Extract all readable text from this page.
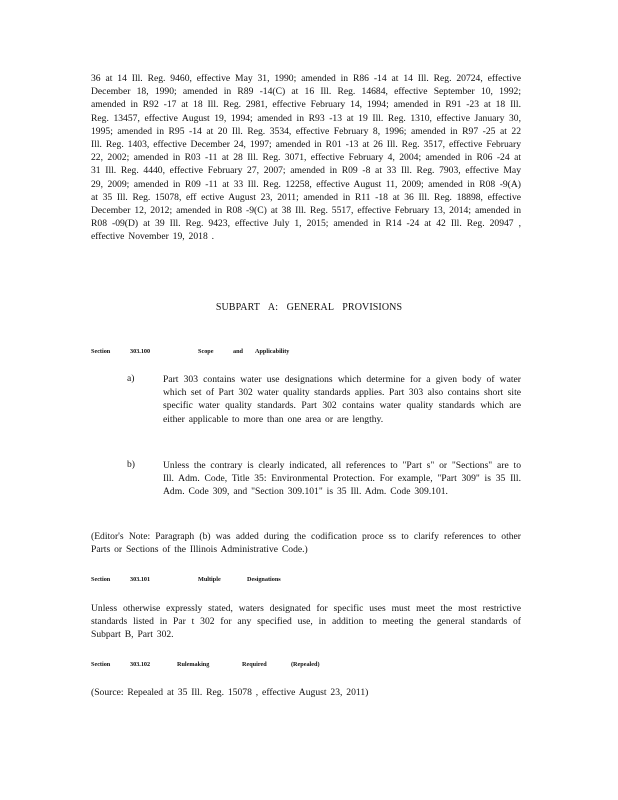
36 at 14 Ill. Reg. 9460, effective May 31, 1990; amended in R86 -14 at 14 Ill. Reg. 20724, effective December 18, 1990; amended in R89 -14(C) at 16 Ill. Reg. 14684, effective September 10, 1992; amended in R92 -17 at 18 Ill. Reg. 2981, effective February 14, 1994; amended in R91 -23 at 18 Ill. Reg. 13457, effective August 19, 1994; amended in R93 -13 at 19 Ill. Reg. 1310, effective January 30, 1995; amended in R95 -14 at 20 Ill. Reg. 3534, effective February 8, 1996; amended in R97 -25 at 22 Ill. Reg. 1403, effective December 24, 1997; amended in R01 -13 at 26 Ill. Reg. 3517, effective February 22, 2002; amended in R03 -11 at 28 Ill. Reg. 3071, effective February 4, 2004; amended in R06 -24 at 31 Ill. Reg. 4440, effective February 27, 2007; amended in R09 -8 at 33 Ill. Reg. 7903, effective May 29, 2009; amended in R09 -11 at 33 Ill. Reg. 12258, effective August 11, 2009; amended in R08 -9(A) at 35 Ill. Reg. 15078, eff ective August 23, 2011; amended in R11 -18 at 36 Ill. Reg. 18898, effective December 12, 2012; amended in R08 -9(C) at 38 Ill. Reg. 5517, effective February 13, 2014; amended in R08 -09(D) at 39 Ill. Reg. 9423, effective July 1, 2015; amended in R14 -24 at 42 Ill. Reg. 20947 , effective November 19, 2018 .

SUBPART A: GENERAL PROVISIONS
Section	303.100	Scope	and Applicability
a)	Part 303 contains water use designations which determine for a given body of water which set of Part 302 water quality standards applies. Part 303 also contains short site specific water quality standards. Part 302 contains water quality standards which are either applicable to more than one area or are lengthy.

b)	Unless the contrary is clearly indicated, all references to "Part s" or "Sections" are to Ill. Adm. Code, Title 35: Environmental Protection. For example, "Part 309" is 35 Ill. Adm. Code 309, and "Section 309.101" is 35 Ill. Adm. Code 309.101.

(Editor's Note: Paragraph (b) was added during the codification proce ss to clarify references to other Parts or Sections of the Illinois Administrative Code.)

Section	303.101	Multiple	Designations

Unless otherwise expressly stated, waters designated for specific uses must meet the most restrictive standards listed in Par t 302 for any specified use, in addition to meeting the general standards of Subpart B, Part 302.

Section	303.102	Rulemaking	Required	(Repealed)

(Source: Repealed at 35 Ill. Reg. 15078 , effective August 23, 2011)
